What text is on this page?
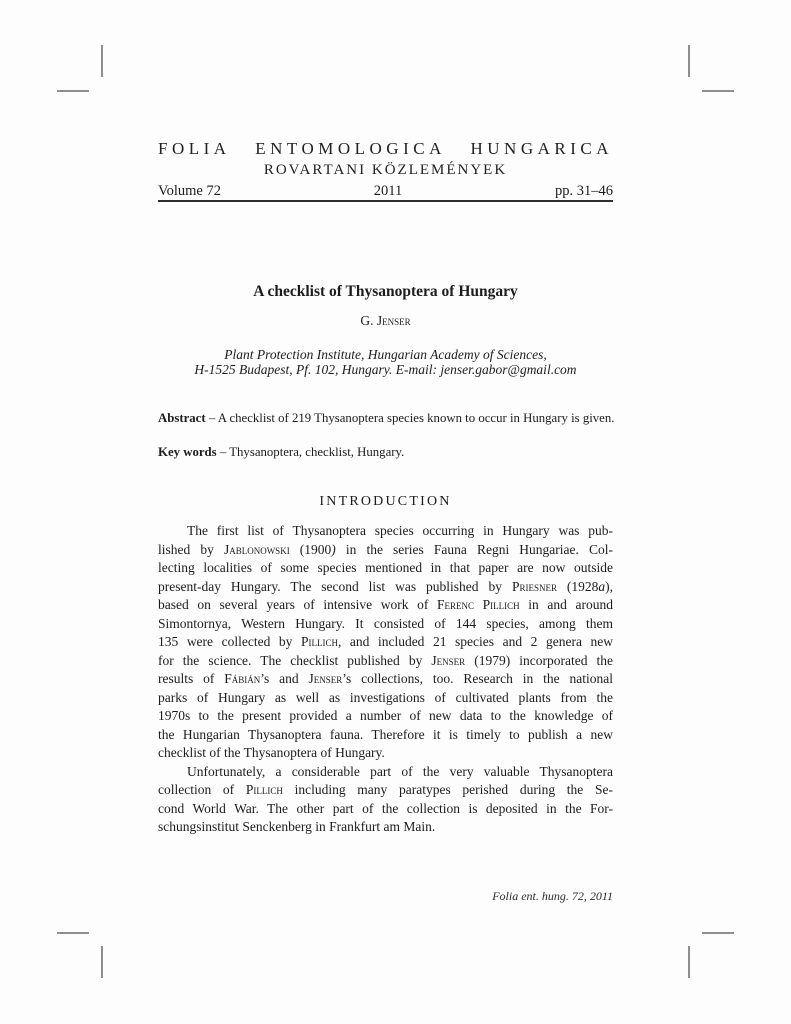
FOLIA ENTOMOLOGICA HUNGARICA
ROVARTANI KÖZLEMÉNYEK
Volume 72	2011	pp. 31–46
A checklist of Thysanoptera of Hungary
G. Jenser
Plant Protection Institute, Hungarian Academy of Sciences,
H-1525 Budapest, Pf. 102, Hungary. E-mail: jenser.gabor@gmail.com
Abstract – A checklist of 219 Thysanoptera species known to occur in Hungary is given.
Key words – Thysanoptera, checklist, Hungary.
INTRODUCTION
The first list of Thysanoptera species occurring in Hungary was pub-
lished by Jablonowski (1900) in the series Fauna Regni Hungariae. Col-
lecting localities of some species mentioned in that paper are now outside
present-day Hungary. The second list was published by Priesner (1928a),
based on several years of intensive work of Ferenc Pillich in and around
Simontornya, Western Hungary. It consisted of 144 species, among them
135 were collected by Pillich, and included 21 species and 2 genera new
for the science. The checklist published by Jenser (1979) incorporated the
results of Fábián’s and Jenser’s collections, too. Research in the national
parks of Hungary as well as investigations of cultivated plants from the
1970s to the present provided a number of new data to the knowledge of
the Hungarian Thysanoptera fauna. Therefore it is timely to publish a new
checklist of the Thysanoptera of Hungary.
Unfortunately, a considerable part of the very valuable Thysanoptera
collection of Pillich including many paratypes perished during the Se-
cond World War. The other part of the collection is deposited in the For-
schungsinstitut Senckenberg in Frankfurt am Main.
Folia ent. hung. 72, 2011
